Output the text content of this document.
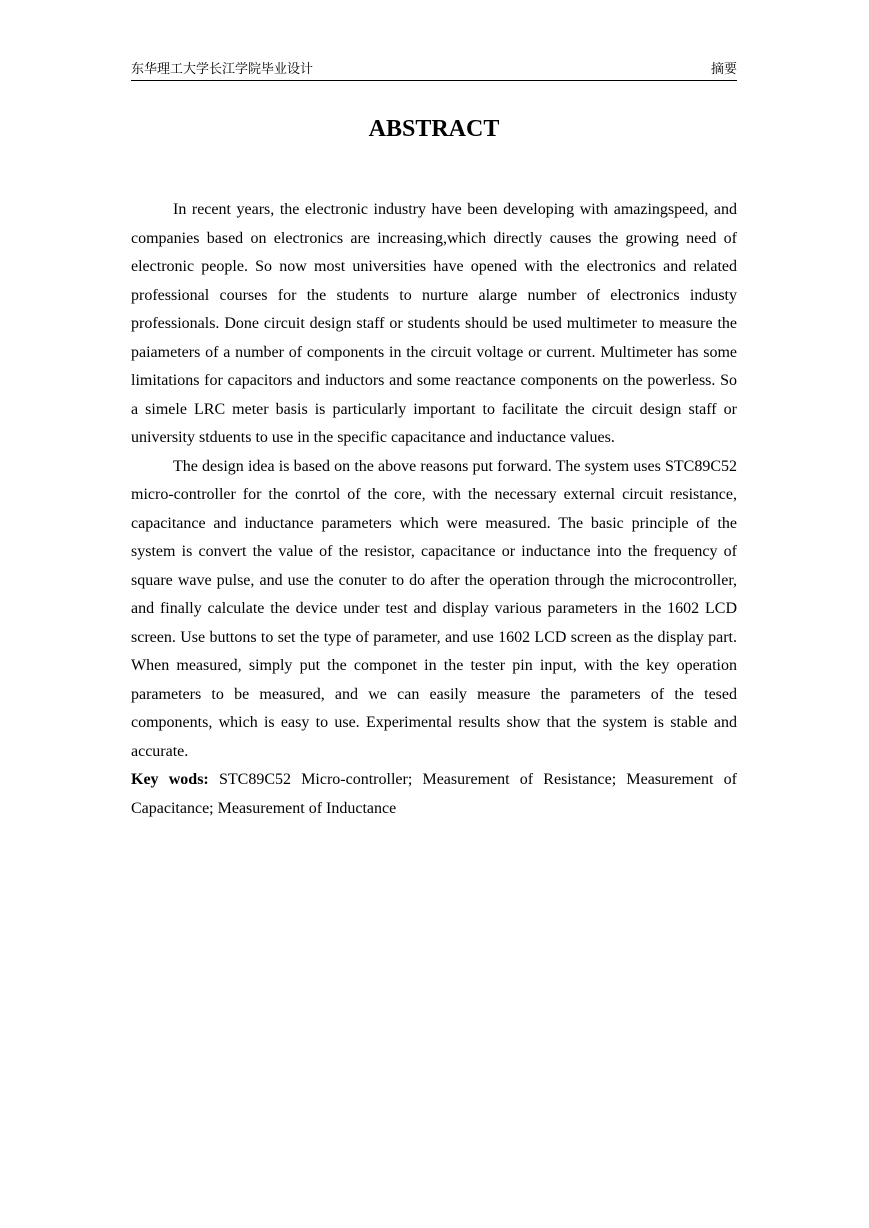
东华理工大学长江学院毕业设计	摘要
ABSTRACT

In recent years, the electronic industry have been developing with amazingspeed, and companies based on electronics are increasing,which directly causes the growing need of electronic people. So now most universities have opened with the electronics and related professional courses for the students to nurture alarge number of electronics industy professionals. Done circuit design staff or students should be used multimeter to measure the paiameters of a number of components in the circuit voltage or current. Multimeter has some limitations for capacitors and inductors and some reactance components on the powerless. So a simele LRC meter basis is particularly important to facilitate the circuit design staff or university stduents to use in the specific capacitance and inductance values.

The design idea is based on the above reasons put forward. The system uses STC89C52 micro-controller for the conrtol of the core, with the necessary external circuit resistance, capacitance and inductance parameters which were measured. The basic principle of the system is convert the value of the resistor, capacitance or inductance into the frequency of square wave pulse, and use the conuter to do after the operation through the microcontroller, and finally calculate the device under test and display various parameters in the 1602 LCD screen. Use buttons to set the type of parameter, and use 1602 LCD screen as the display part. When measured, simply put the componet in the tester pin input, with the key operation parameters to be measured, and we can easily measure the parameters of the tesed components, which is easy to use. Experimental results show that the system is stable and accurate.

Key wods: STC89C52 Micro-controller; Measurement of Resistance; Measurement of Capacitance; Measurement of Inductance
